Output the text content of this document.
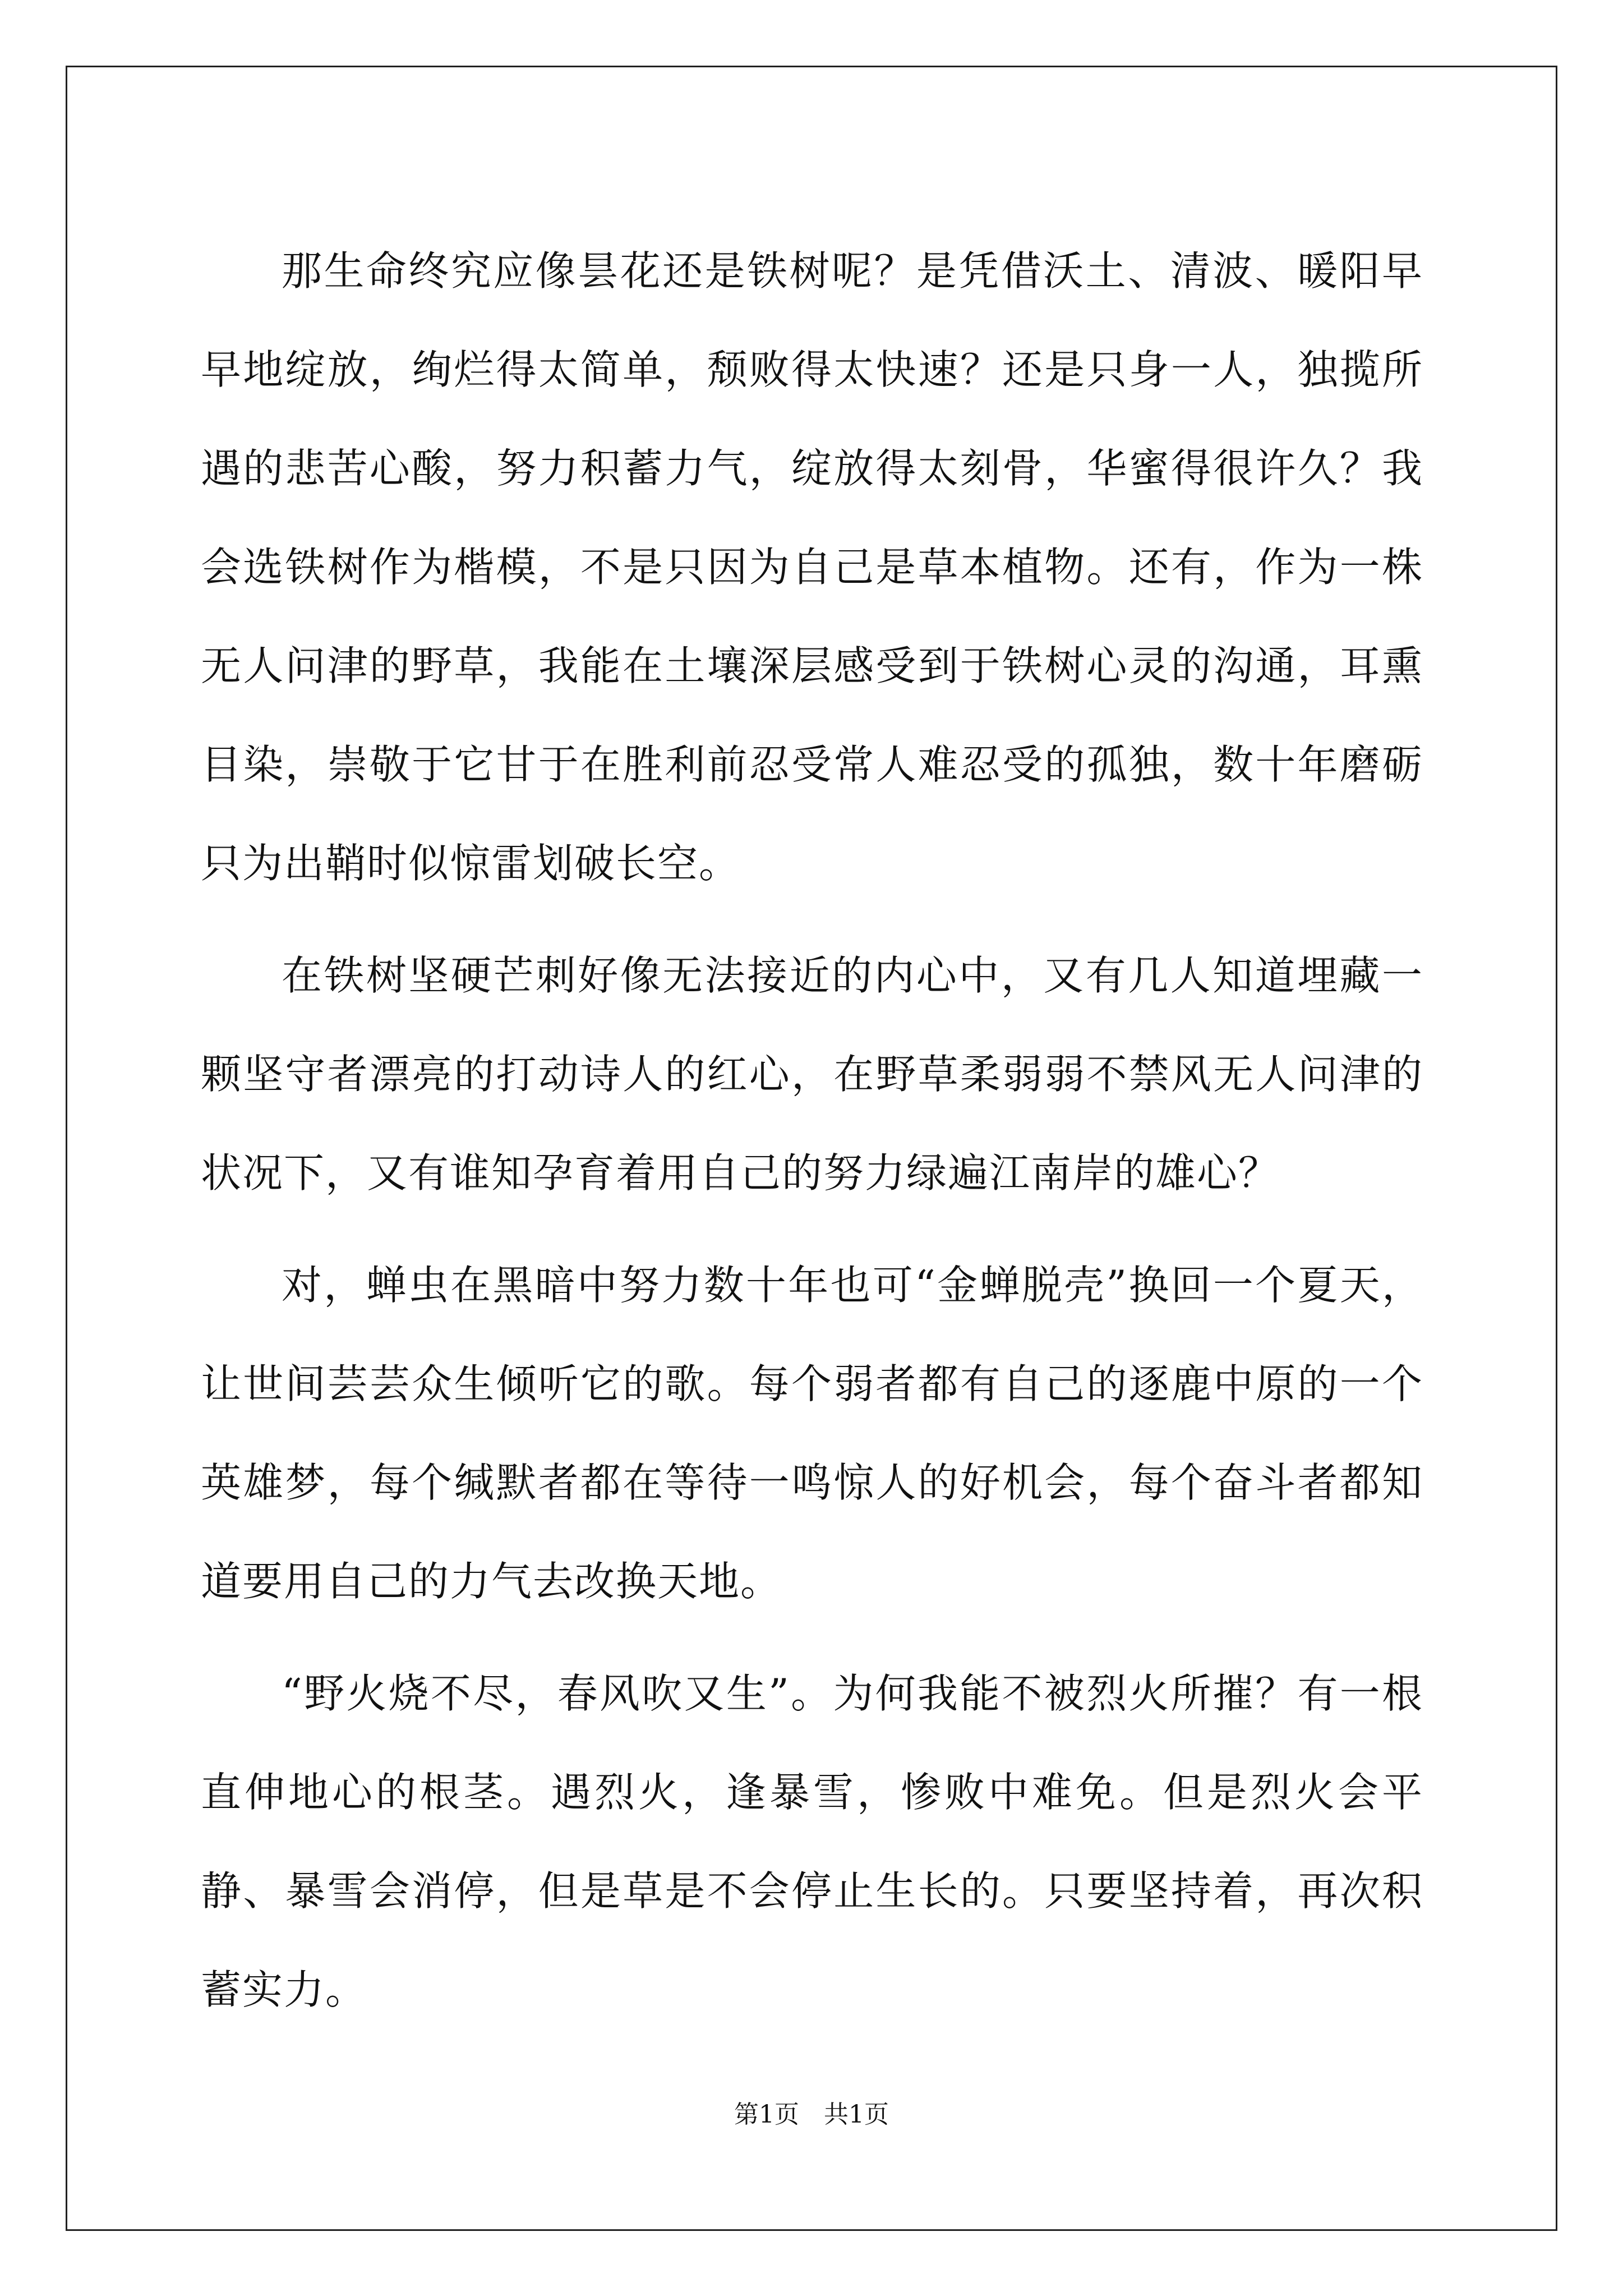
那生命终究应像昙花还是铁树呢？是凭借沃土、清波、暖阳早早地绽放，绚烂得太简单，颓败得太快速？还是只身一人，独揽所遇的悲苦心酸，努力积蓄力气，绽放得太刻骨，华蜜得很许久？我会选铁树作为楷模，不是只因为自己是草本植物。还有，作为一株无人问津的野草，我能在土壤深层感受到于铁树心灵的沟通，耳熏目染，崇敬于它甘于在胜利前忍受常人难忍受的孤独，数十年磨砺只为出鞘时似惊雷划破长空。

在铁树坚硬芒刺好像无法接近的内心中，又有几人知道埋藏一颗坚守者漂亮的打动诗人的红心，在野草柔弱弱不禁风无人问津的状况下，又有谁知孕育着用自己的努力绿遍江南岸的雄心？

对，蝉虫在黑暗中努力数十年也可“金蝉脱壳”换回一个夏天，让世间芸芸众生倾听它的歌。每个弱者都有自己的逐鹿中原的一个英雄梦，每个缄默者都在等待一鸣惊人的好机会，每个奋斗者都知道要用自己的力气去改换天地。

“野火烧不尽，春风吹又生”。为何我能不被烈火所摧？有一根直伸地心的根茎。遇烈火，逢暴雪，惨败中难免。但是烈火会平静、暴雪会消停，但是草是不会停止生长的。只要坚持着，再次积蓄实力。

第1页　共1页
